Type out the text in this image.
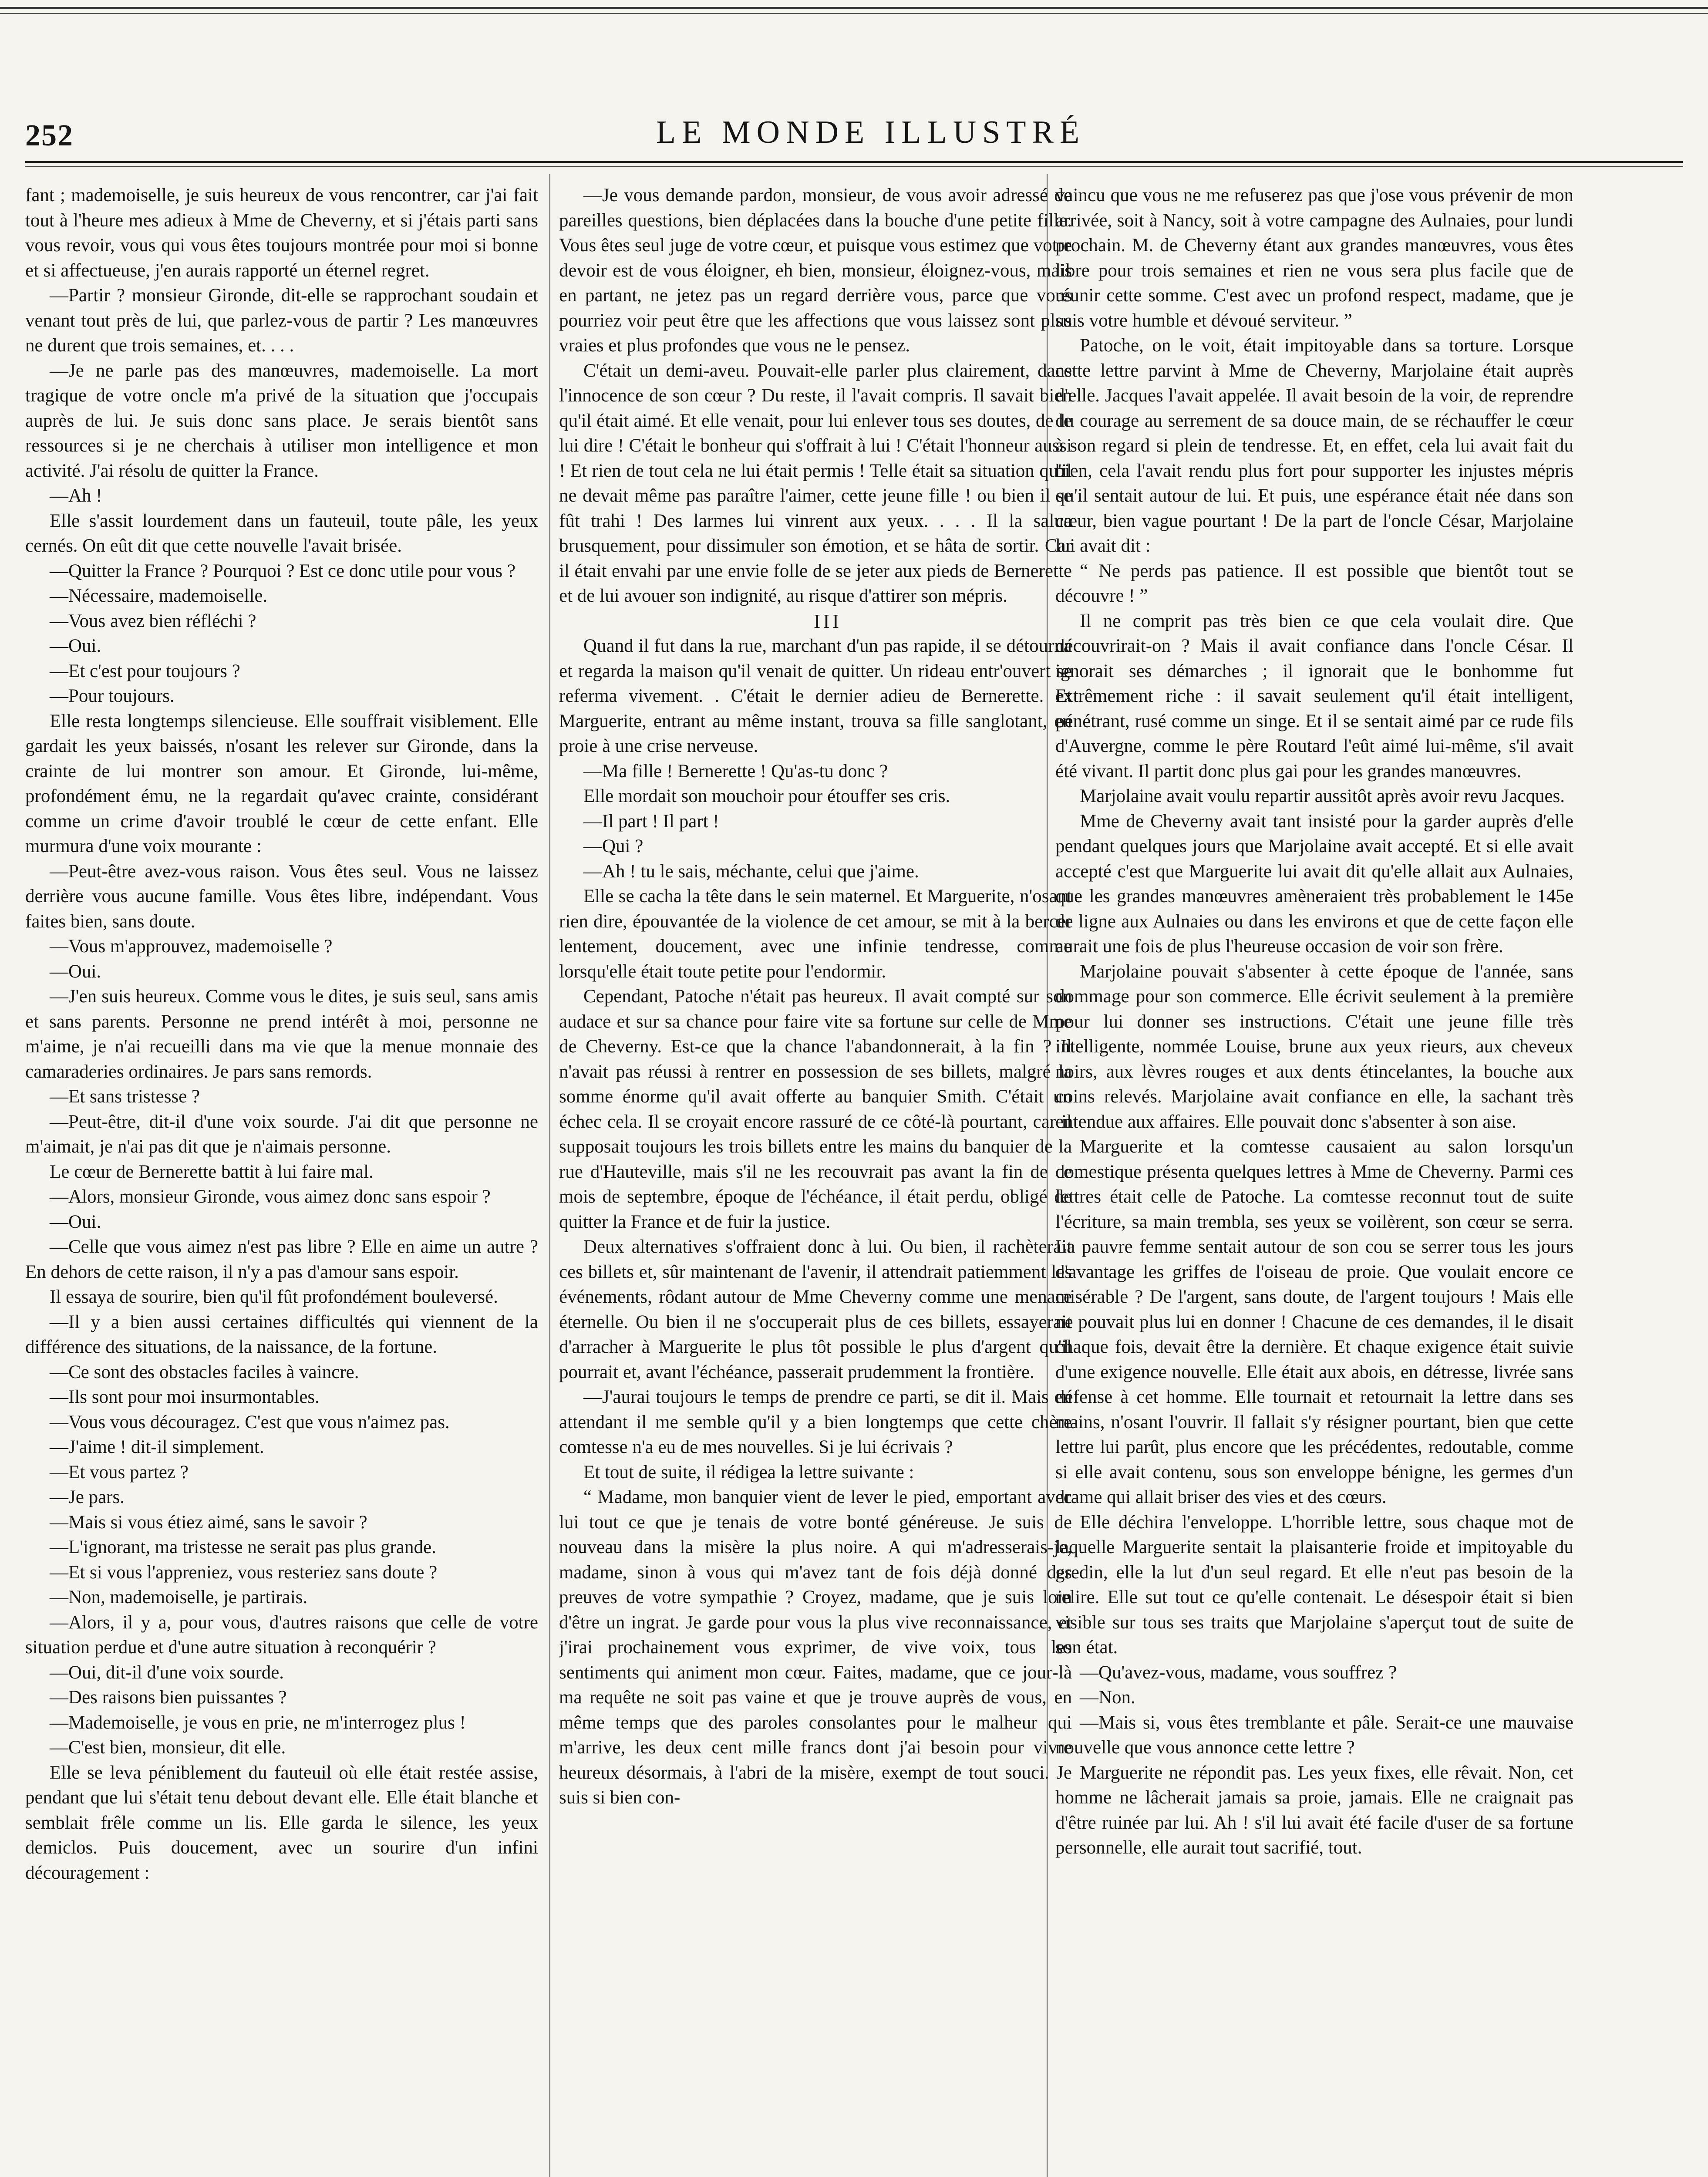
252	LE MONDE ILLUSTRÉ

fant ; mademoiselle, je suis heureux de vous rencontrer, car j'ai fait tout à l'heure mes adieux à Mme de Cheverny, et si j'étais parti sans vous revoir, vous qui vous êtes toujours montrée pour moi si bonne et si affectueuse, j'en aurais rapporté un éternel regret.

—Partir ? monsieur Gironde, dit-elle se rapprochant soudain et venant tout près de lui, que parlez-vous de partir ? Les manœuvres ne durent que trois semaines, et. . . .

—Je ne parle pas des manœuvres, mademoiselle. La mort tragique de votre oncle m'a privé de la situation que j'occupais auprès de lui. Je suis donc sans place. Je serais bientôt sans ressources si je ne cherchais à utiliser mon intelligence et mon activité. J'ai résolu de quitter la France.

—Ah !

Elle s'assit lourdement dans un fauteuil, toute pâle, les yeux cernés. On eût dit que cette nouvelle l'avait brisée.

—Quitter la France ? Pourquoi ? Est ce donc utile pour vous ?

—Nécessaire, mademoiselle.

—Vous avez bien réfléchi ?

—Oui.

—Et c'est pour toujours ?

—Pour toujours.

Elle resta longtemps silencieuse. Elle souffrait visiblement. Elle gardait les yeux baissés, n'osant les relever sur Gironde, dans la crainte de lui montrer son amour. Et Gironde, lui-même, profondément ému, ne la regardait qu'avec crainte, considérant comme un crime d'avoir troublé le cœur de cette enfant. Elle murmura d'une voix mourante :

—Peut-être avez-vous raison. Vous êtes seul. Vous ne laissez derrière vous aucune famille. Vous êtes libre, indépendant. Vous faites bien, sans doute.

—Vous m'approuvez, mademoiselle ?

—Oui.

—J'en suis heureux. Comme vous le dites, je suis seul, sans amis et sans parents. Personne ne prend intérêt à moi, personne ne m'aime, je n'ai recueilli dans ma vie que la menue monnaie des camaraderies ordinaires. Je pars sans remords.

—Et sans tristesse ?

—Peut-être, dit-il d'une voix sourde. J'ai dit que personne ne m'aimait, je n'ai pas dit que je n'aimais personne.

Le cœur de Bernerette battit à lui faire mal.

—Alors, monsieur Gironde, vous aimez donc sans espoir ?

—Oui.

—Celle que vous aimez n'est pas libre ? Elle en aime un autre ? En dehors de cette raison, il n'y a pas d'amour sans espoir.

Il essaya de sourire, bien qu'il fût profondément bouleversé.

—Il y a bien aussi certaines difficultés qui viennent de la différence des situations, de la naissance, de la fortune.

—Ce sont des obstacles faciles à vaincre.

—Ils sont pour moi insurmontables.

—Vous vous découragez. C'est que vous n'aimez pas.

—J'aime ! dit-il simplement.

—Et vous partez ?

—Je pars.

—Mais si vous étiez aimé, sans le savoir ?

—L'ignorant, ma tristesse ne serait pas plus grande.

—Et si vous l'appreniez, vous resteriez sans doute ?

—Non, mademoiselle, je partirais.

—Alors, il y a, pour vous, d'autres raisons que celle de votre situation perdue et d'une autre situation à reconquérir ?

—Oui, dit-il d'une voix sourde.

—Des raisons bien puissantes ?

—Mademoiselle, je vous en prie, ne m'interrogez plus !

—C'est bien, monsieur, dit elle.

Elle se leva péniblement du fauteuil où elle était restée assise, pendant que lui s'était tenu debout devant elle. Elle était blanche et semblait frêle comme un lis. Elle garda le silence, les yeux demiclos. Puis doucement, avec un sourire d'un infini découragement :

—Je vous demande pardon, monsieur, de vous avoir adressé de pareilles questions, bien déplacées dans la bouche d'une petite fille. Vous êtes seul juge de votre cœur, et puisque vous estimez que votre devoir est de vous éloigner, eh bien, monsieur, éloignez-vous, mais en partant, ne jetez pas un regard derrière vous, parce que vous pourriez voir peut être que les affections que vous laissez sont plus vraies et plus profondes que vous ne le pensez.

C'était un demi-aveu. Pouvait-elle parler plus clairement, dans l'innocence de son cœur ? Du reste, il l'avait compris. Il savait bien qu'il était aimé. Et elle venait, pour lui enlever tous ses doutes, de le lui dire ! C'était le bonheur qui s'offrait à lui ! C'était l'honneur aussi ! Et rien de tout cela ne lui était permis ! Telle était sa situation qu'il ne devait même pas paraître l'aimer, cette jeune fille ! ou bien il se fût trahi ! Des larmes lui vinrent aux yeux. . . . Il la salua brusquement, pour dissimuler son émotion, et se hâta de sortir. Car il était envahi par une envie folle de se jeter aux pieds de Bernerette et de lui avouer son indignité, au risque d'attirer son mépris.

III

Quand il fut dans la rue, marchant d'un pas rapide, il se détourna et regarda la maison qu'il venait de quitter. Un rideau entr'ouvert se referma vivement. . C'était le dernier adieu de Bernerette. Et Marguerite, entrant au même instant, trouva sa fille sanglotant, en proie à une crise nerveuse.

—Ma fille ! Bernerette ! Qu'as-tu donc ?

Elle mordait son mouchoir pour étouffer ses cris.

—Il part ! Il part !

—Qui ?

—Ah ! tu le sais, méchante, celui que j'aime.

Elle se cacha la tête dans le sein maternel. Et Marguerite, n'osant rien dire, épouvantée de la violence de cet amour, se mit à la bercer lentement, doucement, avec une infinie tendresse, comme lorsqu'elle était toute petite pour l'endormir.

Cependant, Patoche n'était pas heureux. Il avait compté sur son audace et sur sa chance pour faire vite sa fortune sur celle de Mme de Cheverny. Est-ce que la chance l'abandonnerait, à la fin ? Il n'avait pas réussi à rentrer en possession de ses billets, malgré la somme énorme qu'il avait offerte au banquier Smith. C'était un échec cela. Il se croyait encore rassuré de ce côté-là pourtant, car il supposait toujours les trois billets entre les mains du banquier de la rue d'Hauteville, mais s'il ne les recouvrait pas avant la fin de ce mois de septembre, époque de l'échéance, il était perdu, obligé de quitter la France et de fuir la justice.

Deux alternatives s'offraient donc à lui. Ou bien, il rachèterait ces billets et, sûr maintenant de l'avenir, il attendrait patiemment les événements, rôdant autour de Mme Cheverny comme une menace éternelle. Ou bien il ne s'occuperait plus de ces billets, essayerait d'arracher à Marguerite le plus tôt possible le plus d'argent qu'il pourrait et, avant l'échéance, passerait prudemment la frontière.

—J'aurai toujours le temps de prendre ce parti, se dit il. Mais en attendant il me semble qu'il y a bien longtemps que cette chère comtesse n'a eu de mes nouvelles. Si je lui écrivais ?

Et tout de suite, il rédigea la lettre suivante :

“ Madame, mon banquier vient de lever le pied, emportant avec lui tout ce que je tenais de votre bonté généreuse. Je suis de nouveau dans la misère la plus noire. A qui m'adresserais-je, madame, sinon à vous qui m'avez tant de fois déjà donné des preuves de votre sympathie ? Croyez, madame, que je suis loin d'être un ingrat. Je garde pour vous la plus vive reconnaissance, et j'irai prochainement vous exprimer, de vive voix, tous les sentiments qui animent mon cœur. Faites, madame, que ce jour-là ma requête ne soit pas vaine et que je trouve auprès de vous, en même temps que des paroles consolantes pour le malheur qui m'arrive, les deux cent mille francs dont j'ai besoin pour vivre heureux désormais, à l'abri de la misère, exempt de tout souci. Je suis si bien con-

vaincu que vous ne me refuserez pas que j'ose vous prévenir de mon arrivée, soit à Nancy, soit à votre campagne des Aulnaies, pour lundi prochain. M. de Cheverny étant aux grandes manœuvres, vous êtes libre pour trois semaines et rien ne vous sera plus facile que de réunir cette somme. C'est avec un profond respect, madame, que je suis votre humble et dévoué serviteur. ”

Patoche, on le voit, était impitoyable dans sa torture. Lorsque cette lettre parvint à Mme de Cheverny, Marjolaine était auprès d'elle. Jacques l'avait appelée. Il avait besoin de la voir, de reprendre du courage au serrement de sa douce main, de se réchauffer le cœur à son regard si plein de tendresse. Et, en effet, cela lui avait fait du bien, cela l'avait rendu plus fort pour supporter les injustes mépris qu'il sentait autour de lui. Et puis, une espérance était née dans son cœur, bien vague pourtant ! De la part de l'oncle César, Marjolaine lui avait dit :

“ Ne perds pas patience. Il est possible que bientôt tout se découvre ! ”

Il ne comprit pas très bien ce que cela voulait dire. Que découvrirait-on ? Mais il avait confiance dans l'oncle César. Il ignorait ses démarches ; il ignorait que le bonhomme fut extrêmement riche : il savait seulement qu'il était intelligent, pénétrant, rusé comme un singe. Et il se sentait aimé par ce rude fils d'Auvergne, comme le père Routard l'eût aimé lui-même, s'il avait été vivant. Il partit donc plus gai pour les grandes manœuvres.

Marjolaine avait voulu repartir aussitôt après avoir revu Jacques.

Mme de Cheverny avait tant insisté pour la garder auprès d'elle pendant quelques jours que Marjolaine avait accepté. Et si elle avait accepté c'est que Marguerite lui avait dit qu'elle allait aux Aulnaies, que les grandes manœuvres amèneraient très probablement le 145e de ligne aux Aulnaies ou dans les environs et que de cette façon elle aurait une fois de plus l'heureuse occasion de voir son frère.

Marjolaine pouvait s'absenter à cette époque de l'année, sans dommage pour son commerce. Elle écrivit seulement à la première pour lui donner ses instructions. C'était une jeune fille très intelligente, nommée Louise, brune aux yeux rieurs, aux cheveux noirs, aux lèvres rouges et aux dents étincelantes, la bouche aux coins relevés. Marjolaine avait confiance en elle, la sachant très entendue aux affaires. Elle pouvait donc s'absenter à son aise.

Marguerite et la comtesse causaient au salon lorsqu'un domestique présenta quelques lettres à Mme de Cheverny. Parmi ces lettres était celle de Patoche. La comtesse reconnut tout de suite l'écriture, sa main trembla, ses yeux se voilèrent, son cœur se serra. La pauvre femme sentait autour de son cou se serrer tous les jours d'avantage les griffes de l'oiseau de proie. Que voulait encore ce misérable ? De l'argent, sans doute, de l'argent toujours ! Mais elle ne pouvait plus lui en donner ! Chacune de ces demandes, il le disait chaque fois, devait être la dernière. Et chaque exigence était suivie d'une exigence nouvelle. Elle était aux abois, en détresse, livrée sans défense à cet homme. Elle tournait et retournait la lettre dans ses mains, n'osant l'ouvrir. Il fallait s'y résigner pourtant, bien que cette lettre lui parût, plus encore que les précédentes, redoutable, comme si elle avait contenu, sous son enveloppe bénigne, les germes d'un drame qui allait briser des vies et des cœurs.

Elle déchira l'enveloppe. L'horrible lettre, sous chaque mot de laquelle Marguerite sentait la plaisanterie froide et impitoyable du gredin, elle la lut d'un seul regard. Et elle n'eut pas besoin de la relire. Elle sut tout ce qu'elle contenait. Le désespoir était si bien visible sur tous ses traits que Marjolaine s'aperçut tout de suite de son état.

—Qu'avez-vous, madame, vous souffrez ?

—Non.

—Mais si, vous êtes tremblante et pâle. Serait-ce une mauvaise nouvelle que vous annonce cette lettre ?

Marguerite ne répondit pas. Les yeux fixes, elle rêvait. Non, cet homme ne lâcherait jamais sa proie, jamais. Elle ne craignait pas d'être ruinée par lui. Ah ! s'il lui avait été facile d'user de sa fortune personnelle, elle aurait tout sacrifié, tout.
